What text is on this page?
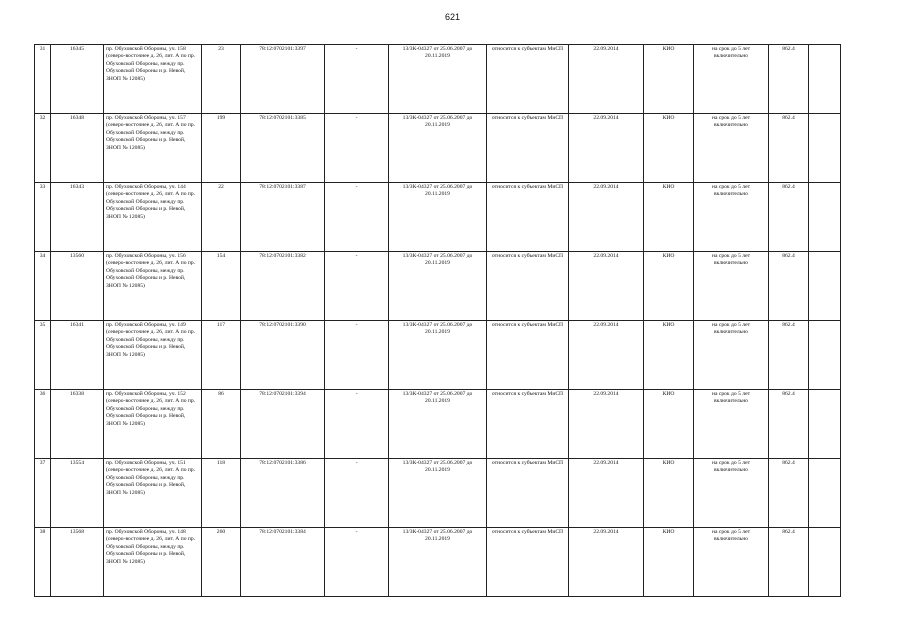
621
31	16345	пр. Обуховской Обороны, уч. 158 (северо-восточнее д. 26, лит. А по пр. Обуховской Обороны, между пр. Обуховской Обороны и р. Невой, ЗНОП № 12085)	23	78:12:0702101:3397	-	13/ЗК-04327 от 25.06.2007 до 20.11.2019	относится к субъектам МиСП	22.09.2014	КИО	на срок до 5 лет включительно	862.4	
32	16348	пр. Обуховской Обороны, уч. 157 (северо-восточнее д. 26, лит. А по пр. Обуховской Обороны, между пр. Обуховской Обороны и р. Невой, ЗНОП № 12085)	199	78:12:0702101:3385	-	13/ЗК-04327 от 25.06.2007 до 20.11.2019	относится к субъектам МиСП	22.09.2014	КИО	на срок до 5 лет включительно	862.4	
33	16343	пр. Обуховской Обороны, уч. 144 (северо-восточнее д. 26, лит. А по пр. Обуховской Обороны, между пр. Обуховской Обороны и р. Невой, ЗНОП № 12085)	22	78:12:0702101:3387	-	13/ЗК-04327 от 25.06.2007 до 20.11.2019	относится к субъектам МиСП	22.09.2014	КИО	на срок до 5 лет включительно	862.4	
34	13560	пр. Обуховской Обороны, уч. 156 (северо-восточнее д. 26, лит. А по пр. Обуховской Обороны, между пр. Обуховской Обороны и р. Невой, ЗНОП № 12085)	154	78:12:0702101:3382	-	13/ЗК-04327 от 25.06.2007 до 20.11.2019	относится к субъектам МиСП	22.09.2014	КИО	на срок до 5 лет включительно	862.4	
35	16341	пр. Обуховской Обороны, уч. 149 (северо-восточнее д. 26, лит. А по пр. Обуховской Обороны, между пр. Обуховской Обороны и р. Невой, ЗНОП № 12085)	117	78:12:0702101:3390	-	13/ЗК-04327 от 25.06.2007 до 20.11.2019	относится к субъектам МиСП	22.09.2014	КИО	на срок до 5 лет включительно	862.4	
36	16338	пр. Обуховской Обороны, уч. 152 (северо-восточнее д. 26, лит. А по пр. Обуховской Обороны, между пр. Обуховской Обороны и р. Невой, ЗНОП № 12085)	86	78:12:0702101:3394	-	13/ЗК-04327 от 25.06.2007 до 20.11.2019	относится к субъектам МиСП	22.09.2014	КИО	на срок до 5 лет включительно	862.4	
37	13554	пр. Обуховской Обороны, уч. 151 (северо-восточнее д. 26, лит. А по пр. Обуховской Обороны, между пр. Обуховской Обороны и р. Невой, ЗНОП № 12085)	118	78:12:0702101:3386	-	13/ЗК-04327 от 25.06.2007 до 20.11.2019	относится к субъектам МиСП	22.09.2014	КИО	на срок до 5 лет включительно	862.4	
38	13568	пр. Обуховской Обороны, уч. 148 (северо-восточнее д. 26, лит. А по пр. Обуховской Обороны, между пр. Обуховской Обороны и р. Невой, ЗНОП № 12085)	260	78:12:0702101:3384	-	13/ЗК-04327 от 25.06.2007 до 20.11.2019	относится к субъектам МиСП	22.09.2014	КИО	на срок до 5 лет включительно	862.4	
